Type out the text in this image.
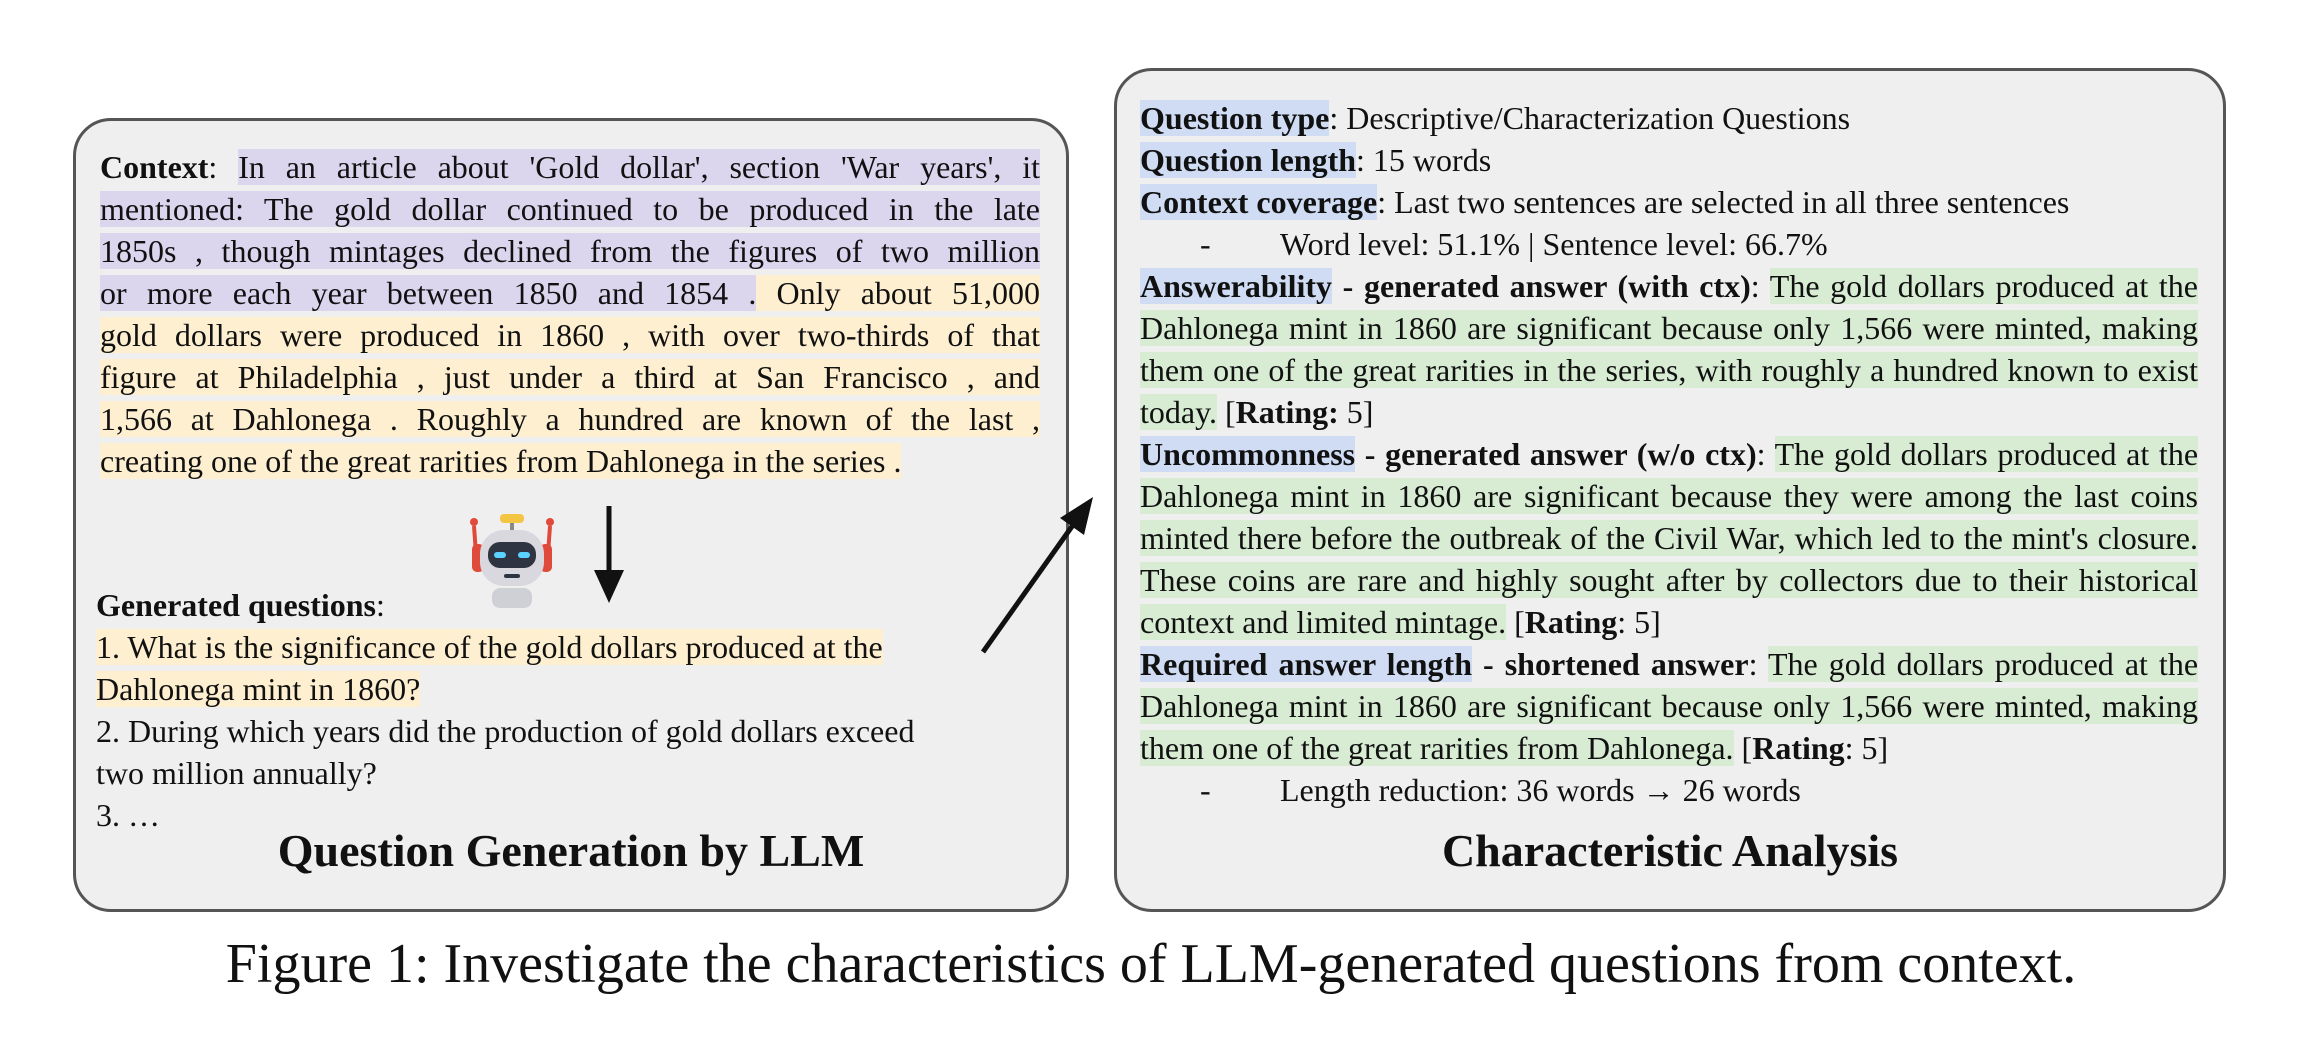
Context: In an article about 'Gold dollar', section 'War years', it
mentioned: The gold dollar continued to be produced in the late
1850s , though mintages declined from the figures of two million
or more each year between 1850 and 1854 . Only about 51,000
gold dollars were produced in 1860 , with over two-thirds of that
figure at Philadelphia , just under a third at San Francisco , and
1,566 at Dahlonega . Roughly a hundred are known of the last ,
creating one of the great rarities from Dahlonega in the series .
Generated questions:
1. What is the significance of the gold dollars produced at the
Dahlonega mint in 1860?
2. During which years did the production of gold dollars exceed
two million annually?
3. …
Question Generation by LLM
Question type: Descriptive/Characterization Questions
Question length: 15 words
Context coverage: Last two sentences are selected in all three sentences
- Word level: 51.1% | Sentence level: 66.7%
Answerability - generated answer (with ctx): The gold dollars produced at the Dahlonega mint in 1860 are significant because only 1,566 were minted, making them one of the great rarities in the series, with roughly a hundred known to exist today. [Rating: 5]
Uncommonness - generated answer (w/o ctx): The gold dollars produced at the Dahlonega mint in 1860 are significant because they were among the last coins minted there before the outbreak of the Civil War, which led to the mint's closure. These coins are rare and highly sought after by collectors due to their historical context and limited mintage. [Rating: 5]
Required answer length - shortened answer: The gold dollars produced at the Dahlonega mint in 1860 are significant because only 1,566 were minted, making them one of the great rarities from Dahlonega. [Rating: 5]
- Length reduction: 36 words → 26 words
Characteristic Analysis
Figure 1: Investigate the characteristics of LLM-generated questions from context.
